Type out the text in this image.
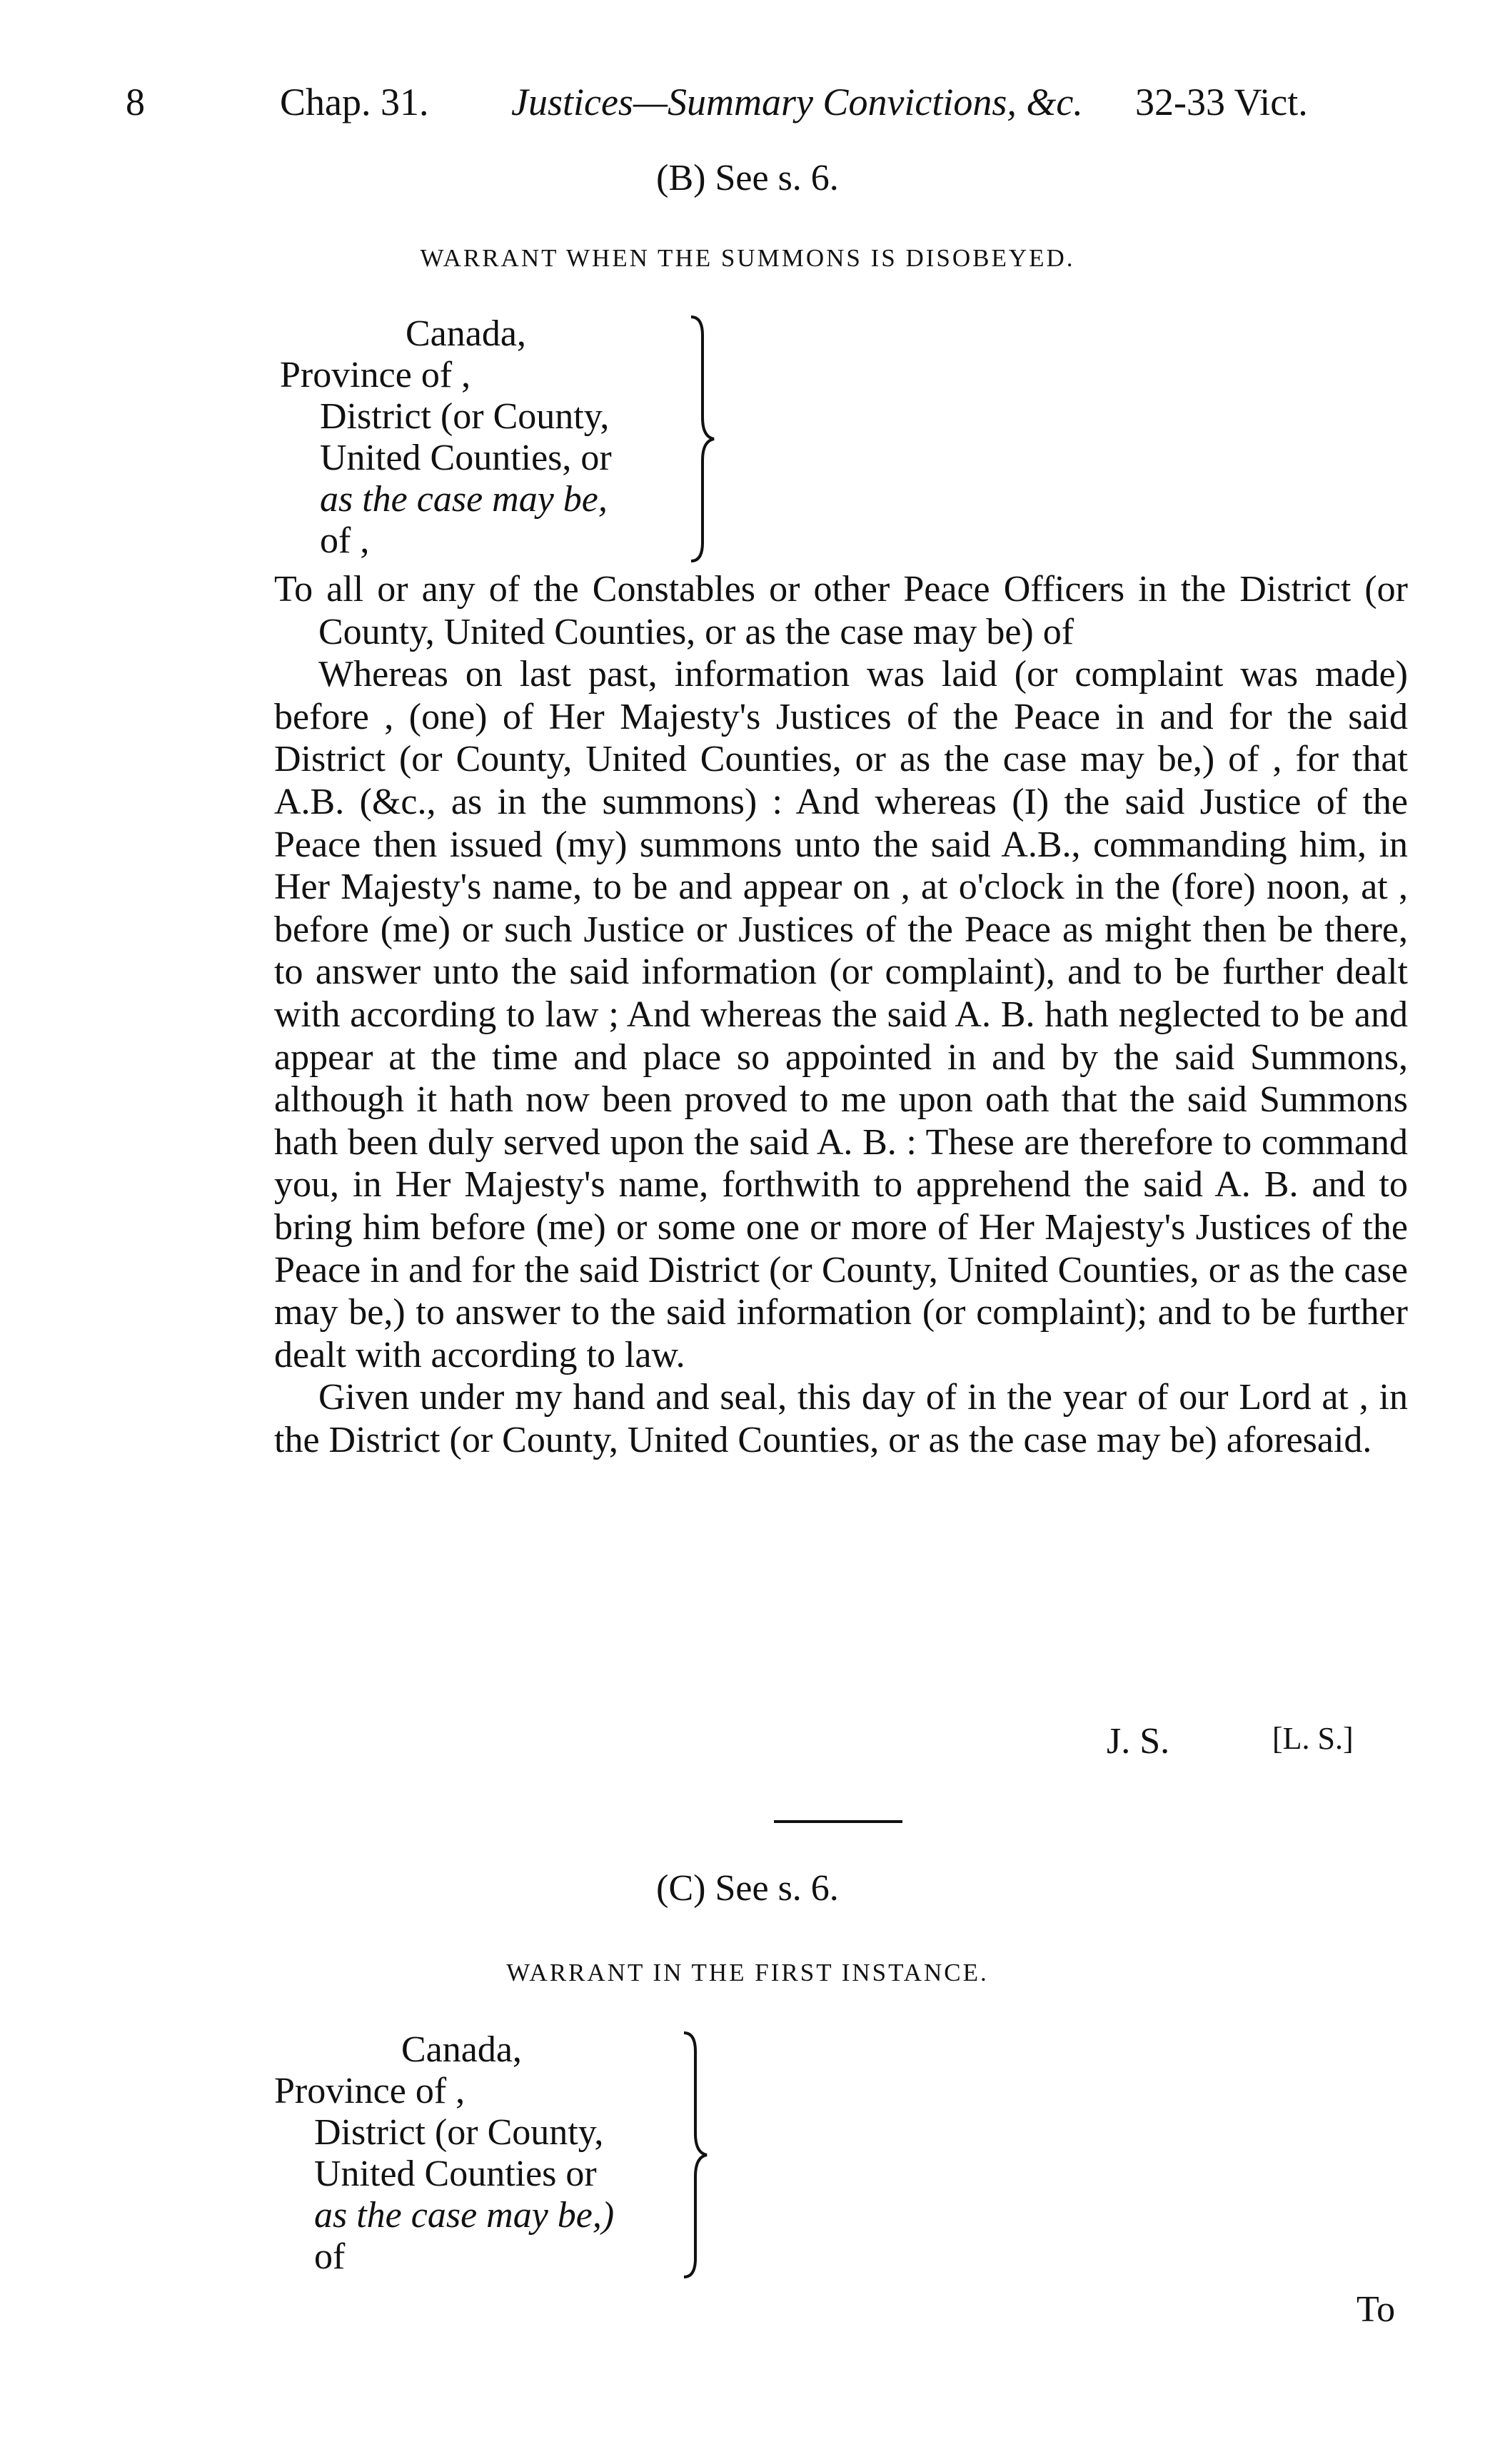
8	Chap. 31. Justices—Summary Convictions, &c. 32-33 Vict.
(B) See s. 6.
WARRANT WHEN THE SUMMONS IS DISOBEYED.
Canada,
Province of ,
District (or County,
United Counties, or
as the case may be,
of ,

To all or any of the Constables or other Peace Officers in the District (or County, United Counties, or as the case may be) of

Whereas on last past, information was laid (or complaint was made) before , (one) of Her Majesty's Justices of the Peace in and for the said District (or County, United Counties, or as the case may be,) of , for that A.B. (&c., as in the summons) : And whereas (I) the said Justice of the Peace then issued (my) summons unto the said A.B., commanding him, in Her Majesty's name, to be and appear on , at o'clock in the (fore) noon, at , before (me) or such Justice or Justices of the Peace as might then be there, to answer unto the said information (or complaint), and to be further dealt with according to law ; And whereas the said A. B. hath neglected to be and appear at the time and place so appointed in and by the said Summons, although it hath now been proved to me upon oath that the said Summons hath been duly served upon the said A. B. : These are therefore to command you, in Her Majesty's name, forthwith to apprehend the said A. B. and to bring him before (me) or some one or more of Her Majesty's Justices of the Peace in and for the said District (or County, United Counties, or as the case may be,) to answer to the said information (or complaint); and to be further dealt with according to law.

Given under my hand and seal, this day of in the year of our Lord at , in the District (or County, United Counties, or as the case may be) aforesaid.

J. S.	[L. S.]
(C) See s. 6.
WARRANT IN THE FIRST INSTANCE.
Canada,
Province of ,
District (or County,
United Counties or
as the case may be,)
of
To
